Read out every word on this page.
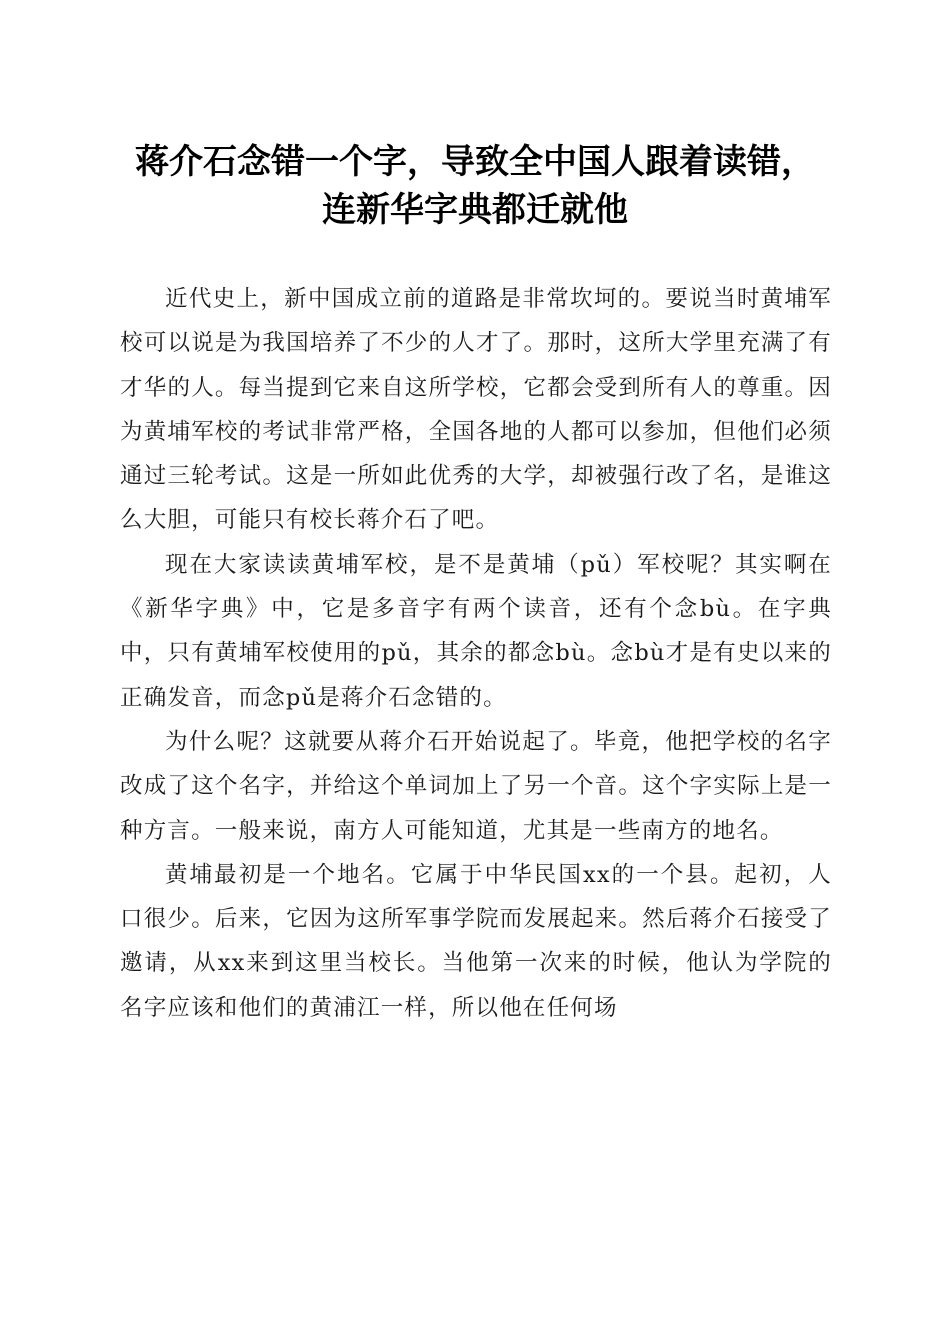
蒋介石念错一个字，导致全中国人跟着读错，
连新华字典都迁就他

近代史上，新中国成立前的道路是非常坎坷的。要说当时黄埔军校可以说是为我国培养了不少的人才了。那时，这所大学里充满了有才华的人。每当提到它来自这所学校，它都会受到所有人的尊重。因为黄埔军校的考试非常严格，全国各地的人都可以参加，但他们必须通过三轮考试。这是一所如此优秀的大学，却被强行改了名，是谁这么大胆，可能只有校长蒋介石了吧。

现在大家读读黄埔军校，是不是黄埔（pǔ）军校呢？其实啊在《新华字典》中，它是多音字有两个读音，还有个念bù。在字典中，只有黄埔军校使用的pǔ，其余的都念bù。念bù才是有史以来的正确发音，而念pǔ是蒋介石念错的。

为什么呢？这就要从蒋介石开始说起了。毕竟，他把学校的名字改成了这个名字，并给这个单词加上了另一个音。这个字实际上是一种方言。一般来说，南方人可能知道，尤其是一些南方的地名。

黄埔最初是一个地名。它属于中华民国xx的一个县。起初，人口很少。后来，它因为这所军事学院而发展起来。然后蒋介石接受了邀请，从xx来到这里当校长。当他第一次来的时候，他认为学院的名字应该和他们的黄浦江一样，所以他在任何场
